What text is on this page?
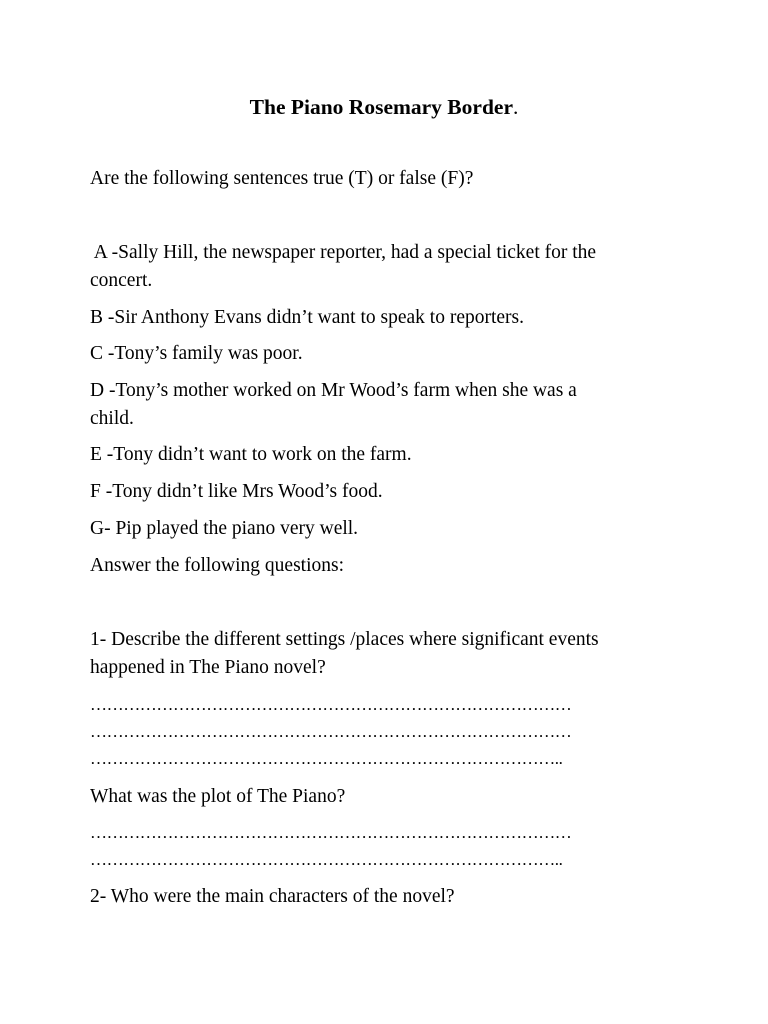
The Piano Rosemary Border.
Are the following sentences true (T) or false (F)?
A -Sally Hill, the newspaper reporter, had a special ticket for the
concert.
B -Sir Anthony Evans didn’t want to speak to reporters.
C -Tony’s family was poor.
D -Tony’s mother worked on Mr Wood’s farm when she was a
child.
E -Tony didn’t want to work on the farm.
F -Tony didn’t like Mrs Wood’s food.
G- Pip played the piano very well.
Answer the following questions:
1- Describe the different settings /places where significant events
happened in The Piano novel?
……………………………………………………………………………
……………………………………………………………………………
…………………………………………………………………………..
What was the plot of The Piano?
……………………………………………………………………………
…………………………………………………………………………..
2- Who were the main characters of the novel?
